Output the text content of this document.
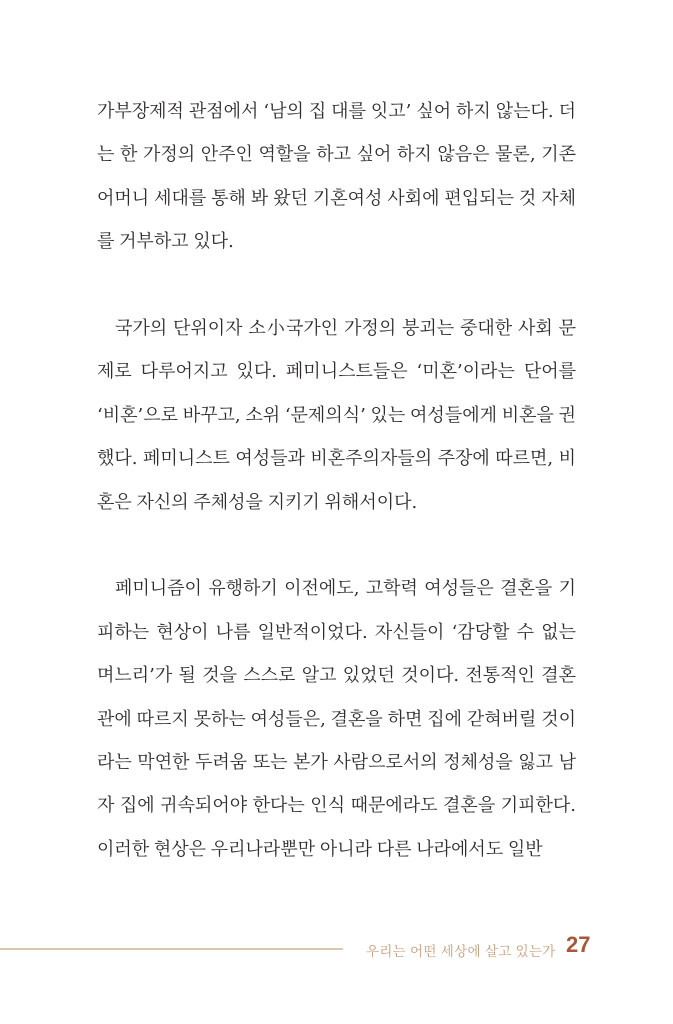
가부장제적 관점에서 ‘남의 집 대를 잇고’ 싶어 하지 않는다. 더는 한 가정의 안주인 역할을 하고 싶어 하지 않음은 물론, 기존 어머니 세대를 통해 봐 왔던 기혼여성 사회에 편입되는 것 자체를 거부하고 있다.

국가의 단위이자 소小국가인 가정의 붕괴는 중대한 사회 문제로 다루어지고 있다. 페미니스트들은 ‘미혼’이라는 단어를 ‘비혼’으로 바꾸고, 소위 ‘문제의식’ 있는 여성들에게 비혼을 권했다. 페미니스트 여성들과 비혼주의자들의 주장에 따르면, 비혼은 자신의 주체성을 지키기 위해서이다.

페미니즘이 유행하기 이전에도, 고학력 여성들은 결혼을 기피하는 현상이 나름 일반적이었다. 자신들이 ‘감당할 수 없는 며느리’가 될 것을 스스로 알고 있었던 것이다. 전통적인 결혼관에 따르지 못하는 여성들은, 결혼을 하면 집에 갇혀버릴 것이라는 막연한 두려움 또는 본가 사람으로서의 정체성을 잃고 남자 집에 귀속되어야 한다는 인식 때문에라도 결혼을 기피한다. 이러한 현상은 우리나라뿐만 아니라 다른 나라에서도 일반

우리는 어떤 세상에 살고 있는가 27
